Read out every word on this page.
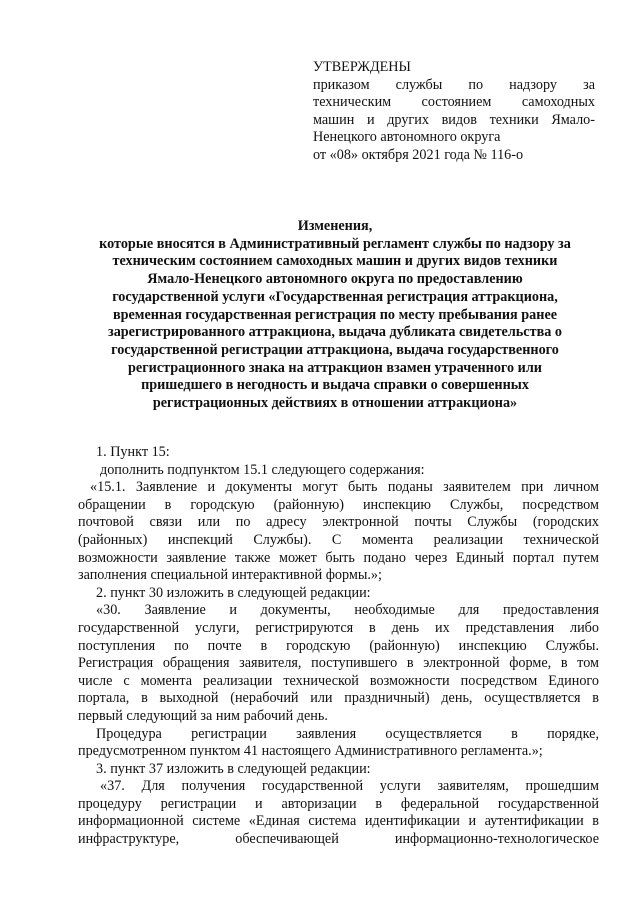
УТВЕРЖДЕНЫ
приказом службы по надзору за
техническим состоянием самоходных
машин и других видов техники Ямало-
Ненецкого автономного округа
от «08» октября 2021 года № 116-о
Изменения,
которые вносятся в Административный регламент службы по надзору за
техническим состоянием самоходных машин и других видов техники
Ямало-Ненецкого автономного округа по предоставлению
государственной услуги «Государственная регистрация аттракциона,
временная государственная регистрация по месту пребывания ранее
зарегистрированного аттракциона, выдача дубликата свидетельства о
государственной регистрации аттракциона, выдача государственного
регистрационного знака на аттракцион взамен утраченного или
пришедшего в негодность и выдача справки о совершенных
регистрационных действиях в отношении аттракциона»
1. Пункт 15:
дополнить подпунктом 15.1 следующего содержания:
«15.1. Заявление и документы могут быть поданы заявителем при личном
обращении в городскую (районную) инспекцию Службы, посредством
почтовой связи или по адресу электронной почты Службы (городских
(районных) инспекций Службы). С момента реализации технической
возможности заявление также может быть подано через Единый портал путем
заполнения специальной интерактивной формы.»;
2. пункт 30 изложить в следующей редакции:
«30. Заявление и документы, необходимые для предоставления
государственной услуги, регистрируются в день их представления либо
поступления по почте в городскую (районную) инспекцию Службы.
Регистрация обращения заявителя, поступившего в электронной форме, в том
числе с момента реализации технической возможности посредством Единого
портала, в выходной (нерабочий или праздничный) день, осуществляется в
первый следующий за ним рабочий день.
Процедура регистрации заявления осуществляется в порядке,
предусмотренном пунктом 41 настоящего Административного регламента.»;
3. пункт 37 изложить в следующей редакции:
«37. Для получения государственной услуги заявителям, прошедшим
процедуру регистрации и авторизации в федеральной государственной
информационной системе «Единая система идентификации и аутентификации в
инфраструктуре, обеспечивающей информационно-технологическое
